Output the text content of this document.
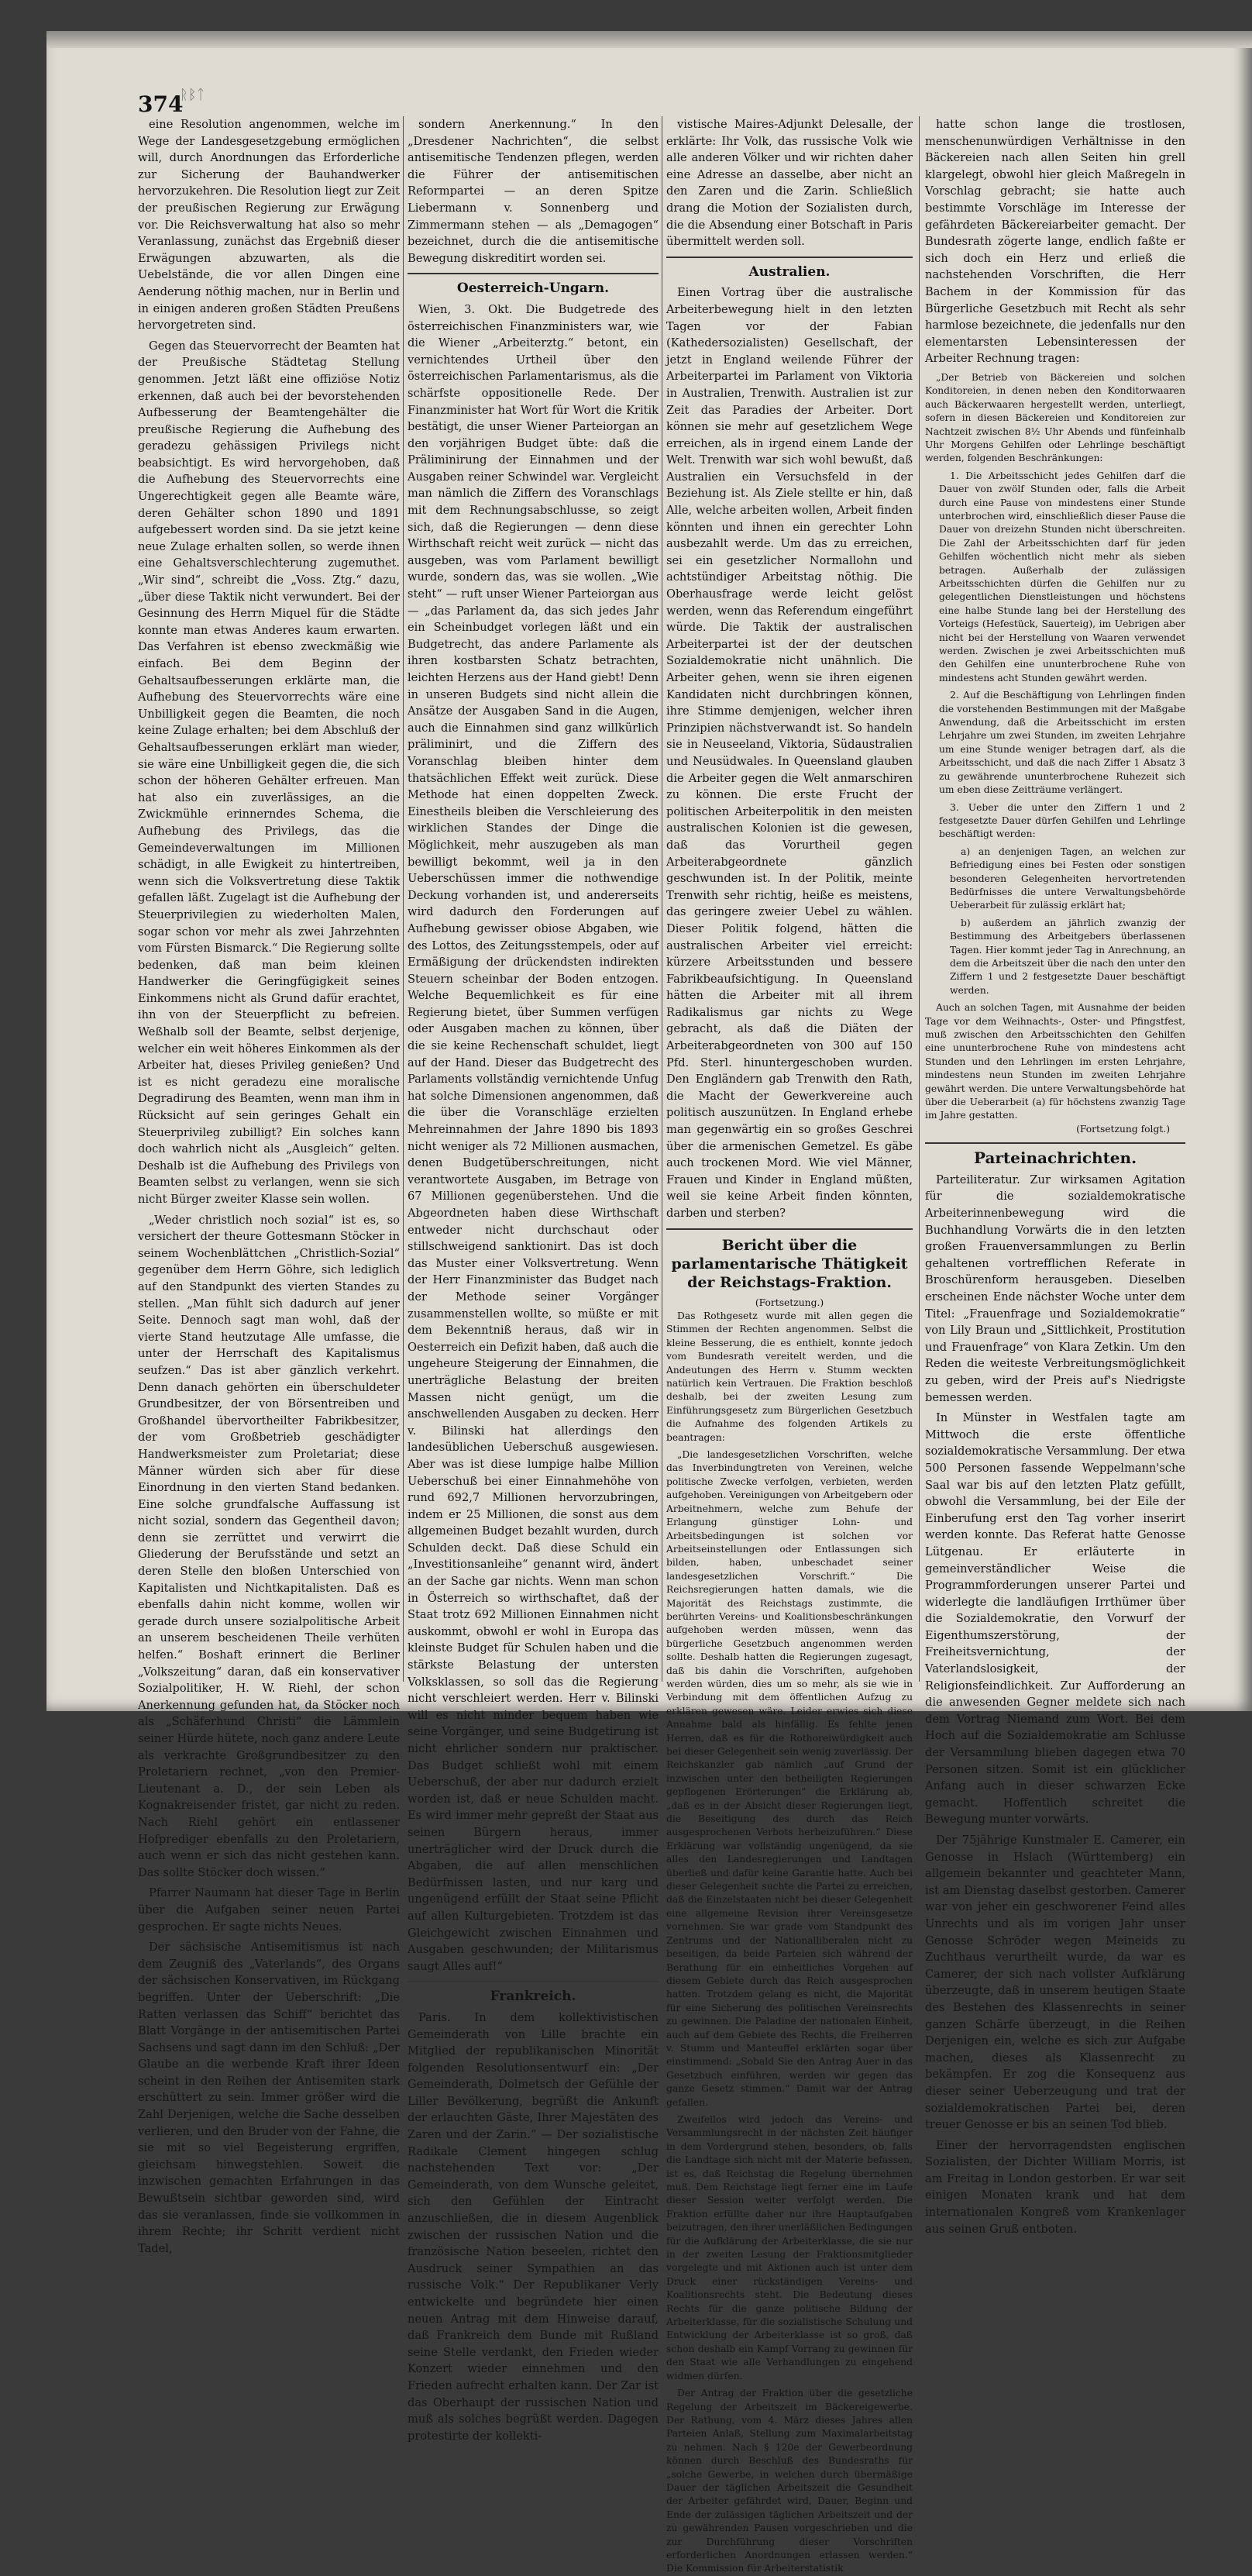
374
ᚱᛒᛏ

eine Resolution angenommen, welche im Wege der Landesgesetzgebung ermöglichen will, durch Anordnungen das Erforderliche zur Sicherung der Bauhandwerker hervorzukehren. Die Resolution liegt zur Zeit der preußischen Regierung zur Erwägung vor. Die Reichsverwaltung hat also so mehr Veranlassung, zunächst das Ergebniß dieser Erwägungen abzuwarten, als die Uebelstände, die vor allen Dingen eine Aenderung nöthig machen, nur in Berlin und in einigen anderen großen Städten Preußens hervorgetreten sind.

Gegen das Steuervorrecht der Beamten hat der Preußische Städtetag Stellung genommen. Jetzt läßt eine offiziöse Notiz erkennen, daß auch bei der bevorstehenden Aufbesserung der Beamtengehälter die preußische Regierung die Aufhebung des geradezu gehässigen Privilegs nicht beabsichtigt. Es wird hervorgehoben, daß die Aufhebung des Steuervorrechts eine Ungerechtigkeit gegen alle Beamte wäre, deren Gehälter schon 1890 und 1891 aufgebessert worden sind. Da sie jetzt keine neue Zulage erhalten sollen, so werde ihnen eine Gehaltsverschlechterung zugemuthet. „Wir sind“, schreibt die „Voss. Ztg.“ dazu, „über diese Taktik nicht verwundert. Bei der Gesinnung des Herrn Miquel für die Städte konnte man etwas Anderes kaum erwarten. Das Verfahren ist ebenso zweckmäßig wie einfach. Bei dem Beginn der Gehaltsaufbesserungen erklärte man, die Aufhebung des Steuervorrechts wäre eine Unbilligkeit gegen die Beamten, die noch keine Zulage erhalten; bei dem Abschluß der Gehaltsaufbesserungen erklärt man wieder, sie wäre eine Unbilligkeit gegen die, die sich schon der höheren Gehälter erfreuen. Man hat also ein zuverlässiges, an die Zwickmühle erinnerndes Schema, die Aufhebung des Privilegs, das die Gemeindeverwaltungen im Millionen schädigt, in alle Ewigkeit zu hintertreiben, wenn sich die Volksvertretung diese Taktik gefallen läßt. Zugelagt ist die Aufhebung der Steuerprivilegien zu wiederholten Malen, sogar schon vor mehr als zwei Jahrzehnten vom Fürsten Bismarck.“ Die Regierung sollte bedenken, daß man beim kleinen Handwerker die Geringfügigkeit seines Einkommens nicht als Grund dafür erachtet, ihn von der Steuerpflicht zu befreien. Weßhalb soll der Beamte, selbst derjenige, welcher ein weit höheres Einkommen als der Arbeiter hat, dieses Privileg genießen? Und ist es nicht geradezu eine moralische Degradirung des Beamten, wenn man ihm in Rücksicht auf sein geringes Gehalt ein Steuerprivileg zubilligt? Ein solches kann doch wahrlich nicht als „Ausgleich“ gelten. Deshalb ist die Aufhebung des Privilegs von Beamten selbst zu verlangen, wenn sie sich nicht Bürger zweiter Klasse sein wollen.

„Weder christlich noch sozial“ ist es, so versichert der theure Gottesmann Stöcker in seinem Wochenblättchen „Christlich-Sozial“ gegenüber dem Herrn Göhre, sich lediglich auf den Standpunkt des vierten Standes zu stellen. „Man fühlt sich dadurch auf jener Seite. Dennoch sagt man wohl, daß der vierte Stand heutzutage Alle umfasse, die unter der Herrschaft des Kapitalismus seufzen.“ Das ist aber gänzlich verkehrt. Denn danach gehörten ein überschuldeter Grundbesitzer, der von Börsentreiben und Großhandel übervortheilter Fabrikbesitzer, der vom Großbetrieb geschädigter Handwerksmeister zum Proletariat; diese Männer würden sich aber für diese Einordnung in den vierten Stand bedanken. Eine solche grundfalsche Auffassung ist nicht sozial, sondern das Gegentheil davon; denn sie zerrüttet und verwirrt die Gliederung der Berufsstände und setzt an deren Stelle den bloßen Unterschied von Kapitalisten und Nichtkapitalisten. Daß es ebenfalls dahin nicht komme, wollen wir gerade durch unsere sozialpolitische Arbeit an unserem bescheidenen Theile verhüten helfen.“ Boshaft erinnert die Berliner „Volkszeitung“ daran, daß ein konservativer Sozialpolitiker, H. W. Riehl, der schon Anerkennung gefunden hat, da Stöcker noch als „Schäferhund Christi“ die Lämmlein seiner Hürde hütete, noch ganz andere Leute als verkrachte Großgrundbesitzer zu den Proletariern rechnet, „von den Premier-Lieutenant a. D., der sein Leben als Kognakreisender fristet, gar nicht zu reden. Nach Riehl gehört ein entlassener Hofprediger ebenfalls zu den Proletariern, auch wenn er sich das nicht gestehen kann. Das sollte Stöcker doch wissen.“

Pfarrer Naumann hat dieser Tage in Berlin über die Aufgaben seiner neuen Partei gesprochen. Er sagte nichts Neues.

Der sächsische Antisemitismus ist nach dem Zeugniß des „Vaterlands“, des Organs der sächsischen Konservativen, im Rückgang begriffen. Unter der Ueberschrift: „Die Ratten verlassen das Schiff“ berichtet das Blatt Vorgänge in der antisemitischen Partei Sachsens und sagt dann im den Schluß: „Der Glaube an die werbende Kraft ihrer Ideen scheint in den Reihen der Antisemiten stark erschüttert zu sein. Immer größer wird die Zahl Derjenigen, welche die Sache desselben verlieren, und den Bruder von der Fahne, die sie mit so viel Begeisterung ergriffen, gleichsam hinwegstehlen. Soweit die inzwischen gemachten Erfahrungen in das Bewußtsein sichtbar geworden sind, wird das sie veranlassen, finde sie vollkommen in ihrem Rechte; ihr Schritt verdient nicht Tadel,

sondern Anerkennung.“ In den „Dresdener Nachrichten“, die selbst antisemitische Tendenzen pflegen, werden die Führer der antisemitischen Reformpartei — an deren Spitze Liebermann v. Sonnenberg und Zimmermann stehen — als „Demagogen“ bezeichnet, durch die die antisemitische Bewegung diskreditirt worden sei.

Oesterreich-Ungarn.

Wien, 3. Okt. Die Budgetrede des österreichischen Finanzministers war, wie die Wiener „Arbeiterztg.“ betont, ein vernichtendes Urtheil über den österreichischen Parlamentarismus, als die schärfste oppositionelle Rede. Der Finanzminister hat Wort für Wort die Kritik bestätigt, die unser Wiener Parteiorgan an den vorjährigen Budget übte: daß die Präliminirung der Einnahmen und der Ausgaben reiner Schwindel war. Vergleicht man nämlich die Ziffern des Voranschlags mit dem Rechnungsabschlusse, so zeigt sich, daß die Regierungen — denn diese Wirthschaft reicht weit zurück — nicht das ausgeben, was vom Parlament bewilligt wurde, sondern das, was sie wollen. „Wie steht“ — ruft unser Wiener Parteiorgan aus — „das Parlament da, das sich jedes Jahr ein Scheinbudget vorlegen läßt und ein Budgetrecht, das andere Parlamente als ihren kostbarsten Schatz betrachten, leichten Herzens aus der Hand giebt! Denn in unseren Budgets sind nicht allein die Ansätze der Ausgaben Sand in die Augen, auch die Einnahmen sind ganz willkürlich präliminirt, und die Ziffern des Voranschlag bleiben hinter dem thatsächlichen Effekt weit zurück. Diese Methode hat einen doppelten Zweck. Einestheils bleiben die Verschleierung des wirklichen Standes der Dinge die Möglichkeit, mehr auszugeben als man bewilligt bekommt, weil ja in den Ueberschüssen immer die nothwendige Deckung vorhanden ist, und andererseits wird dadurch den Forderungen auf Aufhebung gewisser obiose Abgaben, wie des Lottos, des Zeitungsstempels, oder auf Ermäßigung der drückendsten indirekten Steuern scheinbar der Boden entzogen. Welche Bequemlichkeit es für eine Regierung bietet, über Summen verfügen oder Ausgaben machen zu können, über die sie keine Rechenschaft schuldet, liegt auf der Hand. Dieser das Budgetrecht des Parlaments vollständig vernichtende Unfug hat solche Dimensionen angenommen, daß die über die Voranschläge erzielten Mehreinnahmen der Jahre 1890 bis 1893 nicht weniger als 72 Millionen ausmachen, denen Budgetüberschreitungen, nicht verantwortete Ausgaben, im Betrage von 67 Millionen gegenüberstehen. Und die Abgeordneten haben diese Wirthschaft entweder nicht durchschaut oder stillschweigend sanktionirt. Das ist doch das Muster einer Volksvertretung. Wenn der Herr Finanzminister das Budget nach der Methode seiner Vorgänger zusammenstellen wollte, so müßte er mit dem Bekenntniß heraus, daß wir in Oesterreich ein Defizit haben, daß auch die ungeheure Steigerung der Einnahmen, die unerträgliche Belastung der breiten Massen nicht genügt, um die anschwellenden Ausgaben zu decken. Herr v. Bilinski hat allerdings den landesüblichen Ueberschuß ausgewiesen. Aber was ist diese lumpige halbe Million Ueberschuß bei einer Einnahmehöhe von rund 692,7 Millionen hervorzubringen, indem er 25 Millionen, die sonst aus dem allgemeinen Budget bezahlt wurden, durch Schulden deckt. Daß diese Schuld ein „Investitionsanleihe“ genannt wird, ändert an der Sache gar nichts. Wenn man schon in Österreich so wirthschaftet, daß der Staat trotz 692 Millionen Einnahmen nicht auskommt, obwohl er wohl in Europa das kleinste Budget für Schulen haben und die stärkste Belastung der untersten Volksklassen, so soll das die Regierung nicht verschleiert werden. Herr v. Bilinski will es nicht minder bequem haben wie seine Vorgänger, und seine Budgetirung ist nicht ehrlicher sondern nur praktischer. Das Budget schließt wohl mit einem Ueberschuß, der aber nur dadurch erzielt worden ist, daß er neue Schulden macht. Es wird immer mehr gepreßt der Staat aus seinen Bürgern heraus, immer unerträglicher wird der Druck durch die Abgaben, die auf allen menschlichen Bedürfnissen lasten, und nur karg und ungenügend erfüllt der Staat seine Pflicht auf allen Kulturgebieten. Trotzdem ist das Gleichgewicht zwischen Einnahmen und Ausgaben geschwunden; der Militarismus saugt Alles auf!“

Frankreich.

Paris. In dem kollektivistischen Gemeinderath von Lille brachte ein Mitglied der republikanischen Minorität folgenden Resolutionsentwurf ein: „Der Gemeinderath, Dolmetsch der Gefühle der Liller Bevölkerung, begrüßt die Ankunft der erlauchten Gäste, Ihrer Majestäten des Zaren und der Zarin.“ — Der sozialistische Radikale Clement hingegen schlug nachstehenden Text vor: „Der Gemeinderath, von dem Wunsche geleitet, sich den Gefühlen der Eintracht anzuschließen, die in diesem Augenblick zwischen der russischen Nation und die französische Nation beseelen, richtet den Ausdruck seiner Sympathien an das russische Volk.“ Der Republikaner Verly entwickelte und begründete hier einen neuen Antrag mit dem Hinweise darauf, daß Frankreich dem Bunde mit Rußland seine Stelle verdankt, den Frieden wieder Konzert wieder einnehmen und den Frieden aufrecht erhalten kann. Der Zar ist das Oberhaupt der russischen Nation und muß als solches begrüßt werden. Dagegen protestirte der kollekti-

vistische Maires-Adjunkt Delesalle, der erklärte: Ihr Volk, das russische Volk wie alle anderen Völker und wir richten daher eine Adresse an dasselbe, aber nicht an den Zaren und die Zarin. Schließlich drang die Motion der Sozialisten durch, die die Absendung einer Botschaft in Paris übermittelt werden soll.

Australien.

Einen Vortrag über die australische Arbeiterbewegung hielt in den letzten Tagen vor der Fabian (Kathedersozialisten) Gesellschaft, der jetzt in England weilende Führer der Arbeiterpartei im Parlament von Viktoria in Australien, Trenwith. Australien ist zur Zeit das Paradies der Arbeiter. Dort können sie mehr auf gesetzlichem Wege erreichen, als in irgend einem Lande der Welt. Trenwith war sich wohl bewußt, daß Australien ein Versuchsfeld in der Beziehung ist. Als Ziele stellte er hin, daß Alle, welche arbeiten wollen, Arbeit finden könnten und ihnen ein gerechter Lohn ausbezahlt werde. Um das zu erreichen, sei ein gesetzlicher Normallohn und achtstündiger Arbeitstag nöthig. Die Oberhausfrage werde leicht gelöst werden, wenn das Referendum eingeführt würde. Die Taktik der australischen Arbeiterpartei ist der der deutschen Sozialdemokratie nicht unähnlich. Die Arbeiter gehen, wenn sie ihren eigenen Kandidaten nicht durchbringen können, ihre Stimme demjenigen, welcher ihren Prinzipien nächstverwandt ist. So handeln sie in Neuseeland, Viktoria, Südaustralien und Neusüdwales. In Queensland glauben die Arbeiter gegen die Welt anmarschiren zu können. Die erste Frucht der politischen Arbeiterpolitik in den meisten australischen Kolonien ist die gewesen, daß das Vorurtheil gegen Arbeiterabgeordnete gänzlich geschwunden ist. In der Politik, meinte Trenwith sehr richtig, heiße es meistens, das geringere zweier Uebel zu wählen. Dieser Politik folgend, hätten die australischen Arbeiter viel erreicht: kürzere Arbeitsstunden und bessere Fabrikbeaufsichtigung. In Queensland hätten die Arbeiter mit all ihrem Radikalismus gar nichts zu Wege gebracht, als daß die Diäten der Arbeiterabgeordneten von 300 auf 150 Pfd. Sterl. hinuntergeschoben wurden. Den Engländern gab Trenwith den Rath, die Macht der Gewerkvereine auch politisch auszunützen. In England erhebe man gegenwärtig ein so großes Geschrei über die armenischen Gemetzel. Es gäbe auch trockenen Mord. Wie viel Männer, Frauen und Kinder in England müßten, weil sie keine Arbeit finden könnten, darben und sterben?

Bericht über die parlamentarische Thätigkeit der Reichstags-Fraktion.
(Fortsetzung.)

Das Rothgesetz wurde mit allen gegen die Stimmen der Rechten angenommen. Selbst die kleine Besserung, die es enthielt, konnte jedoch vom Bundesrath vereitelt werden, und die Andeutungen des Herrn v. Stumm weckten natürlich kein Vertrauen. Die Fraktion beschloß deshalb, bei der zweiten Lesung zum Einführungsgesetz zum Bürgerlichen Gesetzbuch die Aufnahme des folgenden Artikels zu beantragen:

„Die landesgesetzlichen Vorschriften, welche das Inverbindungtreten von Vereinen, welche politische Zwecke verfolgen, verbieten, werden aufgehoben. Vereinigungen von Arbeitgebern oder Arbeitnehmern, welche zum Behufe der Erlangung günstiger Lohn- und Arbeitsbedingungen ist solchen vor Arbeitseinstellungen oder Entlassungen sich bilden, haben, unbeschadet seiner landesgesetzlichen Vorschrift.“ Die Reichsregierungen hatten damals, wie die Majorität des Reichstags zustimmte, die berührten Vereins- und Koalitionsbeschränkungen aufgehoben werden müssen, wenn das bürgerliche Gesetzbuch angenommen werden sollte. Deshalb hatten die Regierungen zugesagt, daß bis dahin die Vorschriften, aufgehoben werden würden, dies um so mehr, als sie wie in Verbindung mit dem öffentlichen Aufzug zu erklären gewesen wäre. Leider erwies sich diese Annahme bald als hinfällig. Es fehlte jenen Herren, daß es für die Rothoreiwürdigkeit auch bei dieser Gelegenheit sein wenig zuverlässig. Der Reichskanzler gab nämlich „auf Grund der inzwischen unter den betheiligten Regierungen gepflogenen Erörterungen“ die Erklärung ab, „daß es in der Absicht dieser Regierungen liegt, die Beseitigung des durch das Reich ausgesprochenen Verbots herbeizuführen.“ Diese Erklärung war vollständig ungenügend, da sie alles den Landesregierungen und Landtagen überließ und dafür keine Garantie hatte. Auch bei dieser Gelegenheit suchte die Partei zu erreichen, daß die Einzelstaaten nicht bei dieser Gelegenheit eine allgemeine Revision ihrer Vereinsgesetze vornehmen. Sie war grade vom Standpunkt des Zentrums und der Nationalliberalen nicht zu beseitigen, da beide Parteien sich während der Berathung für ein einheitliches Vorgehen auf diesem Gebiete durch das Reich ausgesprochen hatten. Trotzdem gelang es nicht, die Majorität für eine Sicherung des politischen Vereinsrechts zu gewinnen. Die Paladine der nationalen Einheit, auch auf dem Gebiete des Rechts, die Freiherren v. Stumm und Manteuffel erklärten sogar über einstimmend: „Sobald Sie den Antrag Auer in das Gesetzbuch einführen, werden wir gegen das ganze Gesetz stimmen.“ Damit war der Antrag gefallen.

Zweifellos wird jedoch das Vereins- und Versammlungsrecht in der nächsten Zeit häufiger in dem Vordergrund stehen, besonders, ob, falls die Landtage sich nicht mit der Materie befassen, ist es, daß Reichstag die Regelung übernehmen muß. Dem Reichstage liegt ferner eine im Laufe dieser Session weiter verfolgt werden. Die Fraktion erfüllte daher nur ihre Hauptaufgaben beizutragen, den ihrer unerläßlichen Bedingungen für die Aufklärung der Arbeiterklasse, die sie nur in der zweiten Lesung der Fraktionsmitglieder vorgelegte und mit Aktionen auch ist unter dem Druck einer rückständigen Vereins- und Koalitionsrechts steht. Die Bedeutung dieses Rechts für die ganze politische Bildung der Arbeiterklasse, für die sozialistische Schulung und Entwicklung der Arbeiterklasse ist so groß, daß schon deshalb ein Kampf Vorrang zu gewinnen für den Staat wie alle Verhandlungen zu eingehend widmen dürfen.

Der Antrag der Fraktion über die gesetzliche Regelung der Arbeitszeit im Bäckereigewerbe. Der Rathung, vom 4. März dieses Jahres allen Parteien Anlaß, Stellung zum Maximalarbeitstag zu nehmen. Nach § 120e der Gewerbeordnung können durch Beschluß des Bundesraths für „solche Gewerbe, in welchen durch übermäßige Dauer der täglichen Arbeitszeit die Gesundheit der Arbeiter gefährdet wird, Dauer, Beginn und Ende der zulässigen täglichen Arbeitszeit und der zu gewährenden Pausen vorgeschrieben und die zur Durchführung dieser Vorschriften erforderlichen Anordnungen erlassen werden.“ Die Kommission für Arbeiterstatistik

hatte schon lange die trostlosen, menschenunwürdigen Verhältnisse in den Bäckereien nach allen Seiten hin grell klargelegt, obwohl hier gleich Maßregeln in Vorschlag gebracht; sie hatte auch bestimmte Vorschläge im Interesse der gefährdeten Bäckereiarbeiter gemacht. Der Bundesrath zögerte lange, endlich faßte er sich doch ein Herz und erließ die nachstehenden Vorschriften, die Herr Bachem in der Kommission für das Bürgerliche Gesetzbuch mit Recht als sehr harmlose bezeichnete, die jedenfalls nur den elementarsten Lebensinteressen der Arbeiter Rechnung tragen:

„Der Betrieb von Bäckereien und solchen Konditoreien, in denen neben den Konditorwaaren auch Bäckerwaaren hergestellt werden, unterliegt, sofern in diesen Bäckereien und Konditoreien zur Nachtzeit zwischen 8½ Uhr Abends und fünfeinhalb Uhr Morgens Gehilfen oder Lehrlinge beschäftigt werden, folgenden Beschränkungen:

1. Die Arbeitsschicht jedes Gehilfen darf die Dauer von zwölf Stunden oder, falls die Arbeit durch eine Pause von mindestens einer Stunde unterbrochen wird, einschließlich dieser Pause die Dauer von dreizehn Stunden nicht überschreiten. Die Zahl der Arbeitsschichten darf für jeden Gehilfen wöchentlich nicht mehr als sieben betragen. Außerhalb der zulässigen Arbeitsschichten dürfen die Gehilfen nur zu gelegentlichen Dienstleistungen und höchstens eine halbe Stunde lang bei der Herstellung des Vorteigs (Hefestück, Sauerteig), im Uebrigen aber nicht bei der Herstellung von Waaren verwendet werden. Zwischen je zwei Arbeitsschichten muß den Gehilfen eine ununterbrochene Ruhe von mindestens acht Stunden gewährt werden.

2. Auf die Beschäftigung von Lehrlingen finden die vorstehenden Bestimmungen mit der Maßgabe Anwendung, daß die Arbeitsschicht im ersten Lehrjahre um zwei Stunden, im zweiten Lehrjahre um eine Stunde weniger betragen darf, als die Arbeitsschicht, und daß die nach Ziffer 1 Absatz 3 zu gewährende ununterbrochene Ruhezeit sich um eben diese Zeitträume verlängert.

3. Ueber die unter den Ziffern 1 und 2 festgesetzte Dauer dürfen Gehilfen und Lehrlinge beschäftigt werden:

a) an denjenigen Tagen, an welchen zur Befriedigung eines bei Festen oder sonstigen besonderen Gelegenheiten hervortretenden Bedürfnisses die untere Verwaltungsbehörde Ueberarbeit für zulässig erklärt hat;

b) außerdem an jährlich zwanzig der Bestimmung des Arbeitgebers überlassenen Tagen. Hier kommt jeder Tag in Anrechnung, an dem die Arbeitszeit über die nach den unter den Ziffern 1 und 2 festgesetzte Dauer beschäftigt werden.

Auch an solchen Tagen, mit Ausnahme der beiden Tage vor dem Weihnachts-, Oster- und Pfingstfest, muß zwischen den Arbeitsschichten den Gehilfen eine ununterbrochene Ruhe von mindestens acht Stunden und den Lehrlingen im ersten Lehrjahre, mindestens neun Stunden im zweiten Lehrjahre gewährt werden. Die untere Verwaltungsbehörde hat über die Ueberarbeit (a) für höchstens zwanzig Tage im Jahre gestatten.

(Fortsetzung folgt.)
Parteinachrichten.

Parteiliteratur. Zur wirksamen Agitation für die sozialdemokratische Arbeiterinnenbewegung wird die Buchhandlung Vorwärts die in den letzten großen Frauenversammlungen zu Berlin gehaltenen vortrefflichen Referate in Broschürenform herausgeben. Dieselben erscheinen Ende nächster Woche unter dem Titel: „Frauenfrage und Sozialdemokratie“ von Lily Braun und „Sittlichkeit, Prostitution und Frauenfrage“ von Klara Zetkin. Um den Reden die weiteste Verbreitungsmöglichkeit zu geben, wird der Preis auf's Niedrigste bemessen werden.

In Münster in Westfalen tagte am Mittwoch die erste öffentliche sozialdemokratische Versammlung. Der etwa 500 Personen fassende Weppelmann'sche Saal war bis auf den letzten Platz gefüllt, obwohl die Versammlung, bei der Eile der Einberufung erst den Tag vorher inserirt werden konnte. Das Referat hatte Genosse Lütgenau. Er erläuterte in gemeinverständlicher Weise die Programmforderungen unserer Partei und widerlegte die landläufigen Irrthümer über die Sozialdemokratie, den Vorwurf der Eigenthumszerstörung, der Freiheitsvernichtung, der Vaterlandslosigkeit, der Religionsfeindlichkeit. Zur Aufforderung an die anwesenden Gegner meldete sich nach dem Vortrag Niemand zum Wort. Bei dem Hoch auf die Sozialdemokratie am Schlusse der Versammlung blieben dagegen etwa 70 Personen sitzen. Somit ist ein glücklicher Anfang auch in dieser schwarzen Ecke gemacht. Hoffentlich schreitet die Bewegung munter vorwärts.

Der 75jährige Kunstmaler E. Camerer, ein Genosse in Hslach (Württemberg) ein allgemein bekannter und geachteter Mann, ist am Dienstag daselbst gestorben. Camerer war von jeher ein geschworener Feind alles Unrechts und als im vorigen Jahr unser Genosse Schröder wegen Meineids zu Zuchthaus verurtheilt wurde, da war es Camerer, der sich nach vollster Aufklärung überzeugte, daß in unserem heutigen Staate des Bestehen des Klassenrechts in seiner ganzen Schärfe überzeugt, in die Reihen Derjenigen ein, welche es sich zur Aufgabe machen, dieses als Klassenrecht zu bekämpfen. Er zog die Konsequenz aus dieser seiner Ueberzeugung und trat der sozialdemokratischen Partei bei, deren treuer Genosse er bis an seinen Tod blieb.

Einer der hervorragendsten englischen Sozialisten, der Dichter William Morris, ist am Freitag in London gestorben. Er war seit einigen Monaten krank und hat dem internationalen Kongreß vom Krankenlager aus seinen Gruß entboten.
